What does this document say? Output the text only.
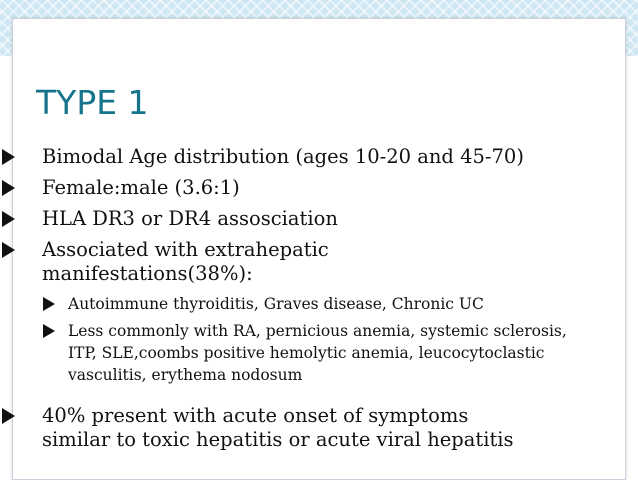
TYPE 1
Bimodal Age distribution (ages 10-20 and 45-70)
Female:male (3.6:1)
HLA DR3 or DR4 assosciation
Associated with extrahepatic manifestations(38%):
Autoimmune thyroiditis, Graves disease, Chronic UC
Less commonly with RA, pernicious anemia, systemic sclerosis, ITP, SLE,coombs positive hemolytic anemia, leucocytoclastic vasculitis, erythema nodosum
40% present with acute onset of symptoms similar to toxic hepatitis or acute viral hepatitis
